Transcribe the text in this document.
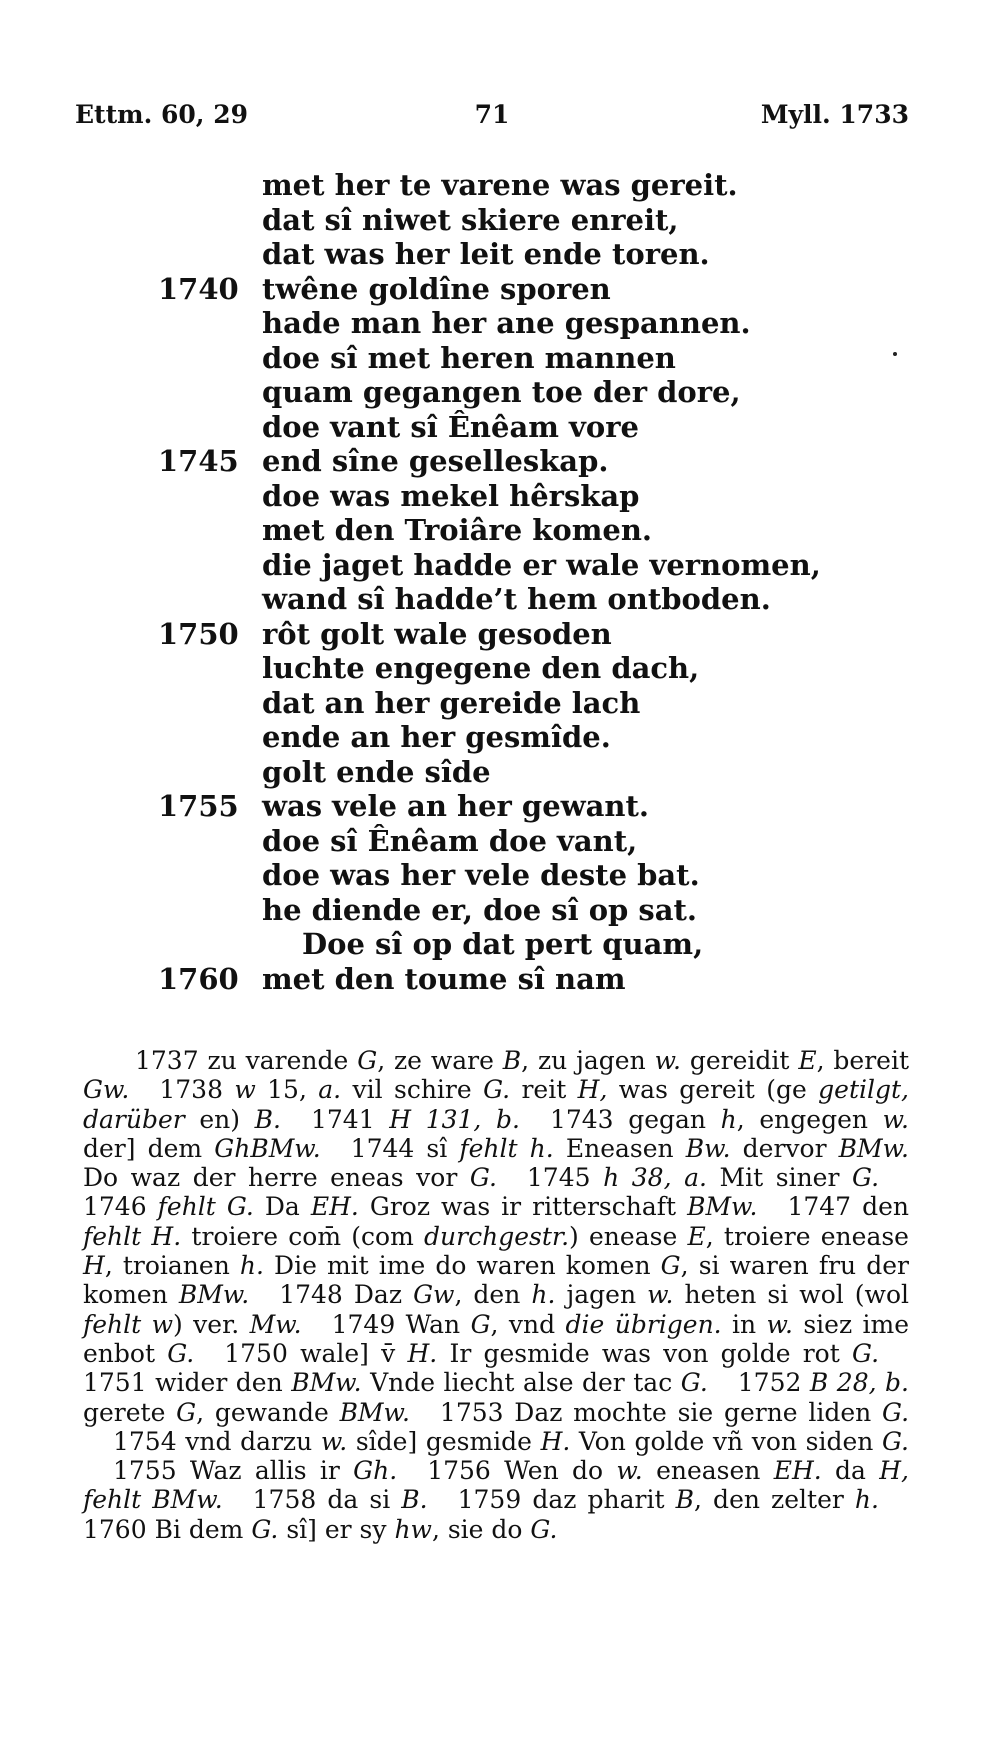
Ettm. 60, 29	71	Myll. 1733
met her te varene was gereit.
dat sî niwet skiere enreit,
dat was her leit ende toren.
1740 twêne goldîne sporen
hade man her ane gespannen.
doe sî met heren mannen
quam gegangen toe der dore,
doe vant sî Ênêam vore
1745 end sîne geselleskap.
doe was mekel hêrskap
met den Troiâre komen.
die jaget hadde er wale vernomen,
wand sî hadde’t hem ontboden.
1750 rôt golt wale gesoden
luchte engegene den dach,
dat an her gereide lach
ende an her gesmîde.
golt ende sîde
1755 was vele an her gewant.
doe sî Ênêam doe vant,
doe was her vele deste bat.
he diende er, doe sî op sat.
Doe sî op dat pert quam,
1760 met den toume sî nam

1737 zu varende G, ze ware B, zu jagen w. gereidit E, bereit Gw. 1738 w 15, a. vil schire G. reit H, was gereit (ge getilgt, darüber en) B. 1741 H 131, b. 1743 gegan h, engegen w. der] dem GhBMw. 1744 sî fehlt h. Eneasen Bw. dervor BMw. Do waz der herre eneas vor G. 1745 h 38, a. Mit siner G.1746 fehlt G. Da EH. Groz was ir ritterschaft BMw. 1747 den fehlt H. troiere com̄ (com durchgestr.) enease E, troiere enease H, troianen h. Die mit ime do waren komen G, si waren fru der komen BMw. 1748 Daz Gw, den h. jagen w. heten si wol (wol fehlt w) ver. Mw. 1749 Wan G, vnd die übrigen. in w. siez ime enbot G. 1750 wale] v̄ H. Ir gesmide was von golde rot G.1751 wider den BMw. Vnde liecht alse der tac G. 1752 B 28, b. gerete G, gewande BMw. 1753 Daz mochte sie gerne liden G.1754 vnd darzu w. sîde] gesmide H. Von golde vñ von siden G.1755 Waz allis ir Gh. 1756 Wen do w. eneasen EH. da H, fehlt BMw. 1758 da si B. 1759 daz pharit B, den zelter h.1760 Bi dem G. sî] er sy hw, sie do G.
